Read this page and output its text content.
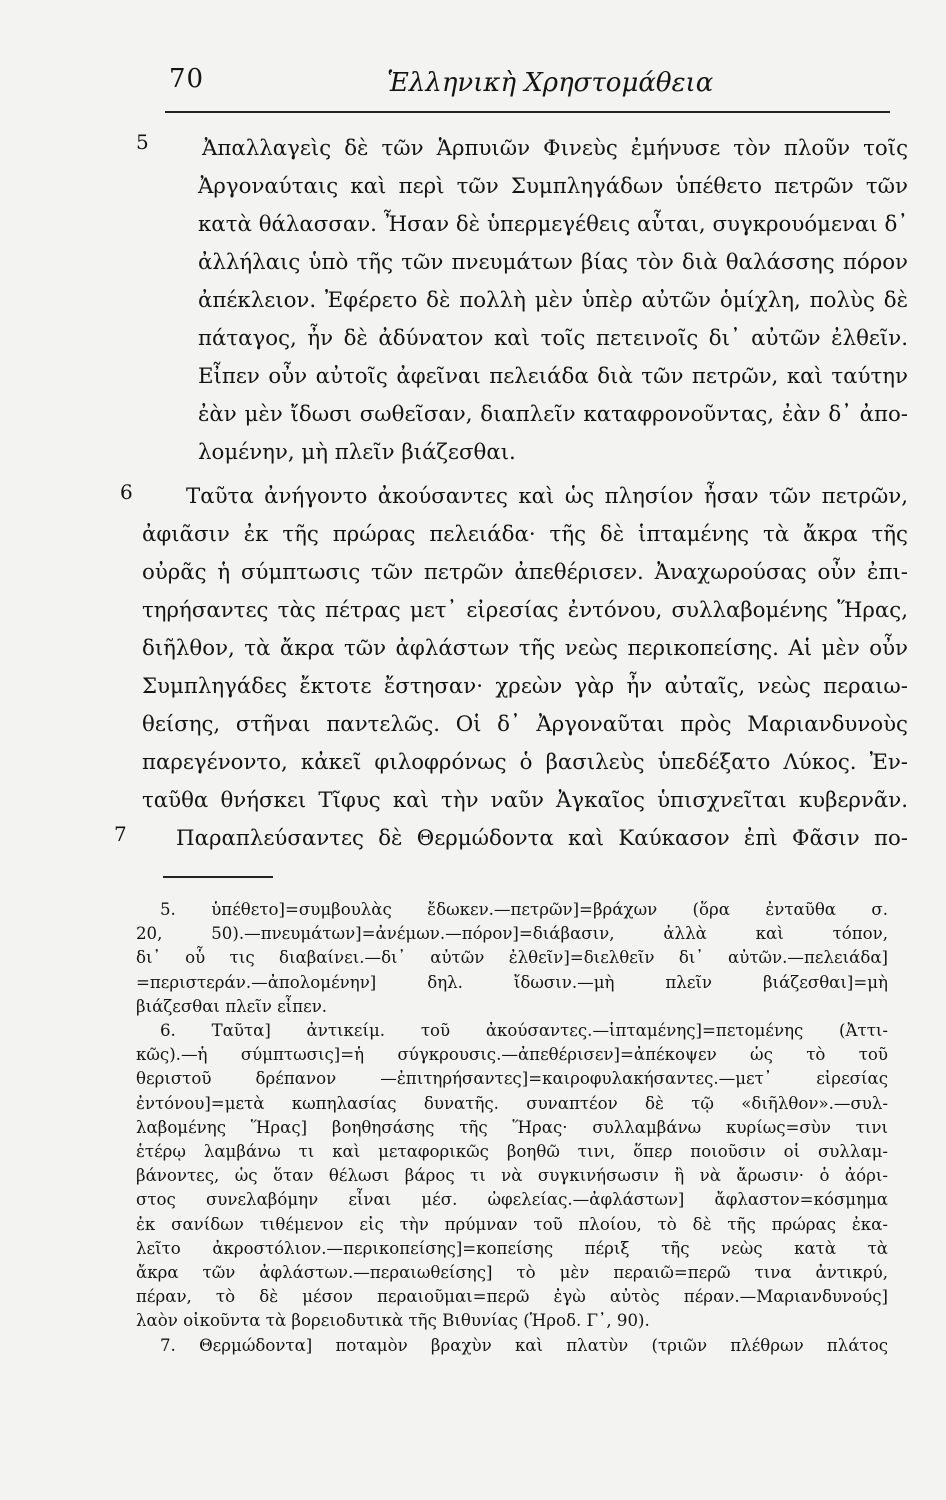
70	Ἑλληνικὴ Χρηστομάθεια
5	Ἀπαλλαγεὶς δὲ τῶν Ἁρπυιῶν Φινεὺς ἐμήνυσε τὸν πλοῦν τοῖς
Ἀργοναύταις καὶ περὶ τῶν Συμπληγάδων ὑπέθετο πετρῶν τῶν
κατὰ θάλασσαν. Ἦσαν δὲ ὑπερμεγέθεις αὗται, συγκρουόμεναι δ᾽
ἀλλήλαις ὑπὸ τῆς τῶν πνευμάτων βίας τὸν διὰ θαλάσσης πόρον
ἀπέκλειον. Ἐφέρετο δὲ πολλὴ μὲν ὑπὲρ αὐτῶν ὁμίχλη, πολὺς δὲ
πάταγος, ἦν δὲ ἀδύνατον καὶ τοῖς πετεινοῖς δι᾽ αὐτῶν ἐλθεῖν.
Εἶπεν οὖν αὐτοῖς ἀφεῖναι πελειάδα διὰ τῶν πετρῶν, καὶ ταύτην
ἐὰν μὲν ἴδωσι σωθεῖσαν, διαπλεῖν καταφρονοῦντας, ἐὰν δ᾽ ἀπο-
λομένην, μὴ πλεῖν βιάζεσθαι.
6	Ταῦτα ἀνήγοντο ἀκούσαντες καὶ ὡς πλησίον ἦσαν τῶν πετρῶν,
ἀφιᾶσιν ἐκ τῆς πρώρας πελειάδα· τῆς δὲ ἱπταμένης τὰ ἄκρα τῆς
οὐρᾶς ἡ σύμπτωσις τῶν πετρῶν ἀπεθέρισεν. Ἀναχωρούσας οὖν ἐπι-
τηρήσαντες τὰς πέτρας μετ᾽ εἰρεσίας ἐντόνου, συλλαβομένης Ἥρας,
διῆλθον, τὰ ἄκρα τῶν ἀφλάστων τῆς νεὼς περικοπείσης. Αἱ μὲν οὖν
Συμπληγάδες ἔκτοτε ἔστησαν· χρεὼν γὰρ ἦν αὐταῖς, νεὼς περαιω-
θείσης, στῆναι παντελῶς. Οἱ δ᾽ Ἀργοναῦται πρὸς Μαριανδυνοὺς
παρεγένοντο, κἀκεῖ φιλοφρόνως ὁ βασιλεὺς ὑπεδέξατο Λύκος. Ἐν-
ταῦθα θνήσκει Τῖφυς καὶ τὴν ναῦν Ἀγκαῖος ὑπισχνεῖται κυβερνᾶν.
7 Παραπλεύσαντες δὲ Θερμώδοντα καὶ Καύκασον ἐπὶ Φᾶσιν πο-
5. ὑπέθετο]=συμβουλὰς ἔδωκεν.—πετρῶν]=βράχων (ὅρα ἐνταῦθα σ.
20, 50).—πνευμάτων]=ἀνέμων.—πόρον]=διάβασιν, ἀλλὰ καὶ τόπον,
δι᾽ οὗ τις διαβαίνει.—δι᾽ αὐτῶν ἐλθεῖν]=διελθεῖν δι᾽ αὐτῶν.—πελειάδα]
=περιστεράν.—ἀπολομένην] δηλ. ἴδωσιν.—μὴ πλεῖν βιάζεσθαι]=μὴ
βιάζεσθαι πλεῖν εἶπεν.
6. Ταῦτα] ἀντικείμ. τοῦ ἀκούσαντες.—ἱπταμένης]=πετομένης (Ἀττι-
κῶς).—ἡ σύμπτωσις]=ἡ σύγκρουσις.—ἀπεθέρισεν]=ἀπέκοψεν ὡς τὸ τοῦ
θεριστοῦ δρέπανον —ἐπιτηρήσαντες]=καιροφυλακήσαντες.—μετ᾽ εἰρεσίας
ἐντόνου]=μετὰ κωπηλασίας δυνατῆς. συναπτέον δὲ τῷ «διῆλθον».—συλ-
λαβομένης Ἥρας] βοηθησάσης τῆς Ἥρας· συλλαμβάνω κυρίως=σὺν τινι
ἑτέρῳ λαμβάνω τι καὶ μεταφορικῶς βοηθῶ τινι, ὅπερ ποιοῦσιν οἱ συλλαμ-
βάνοντες, ὡς ὅταν θέλωσι βάρος τι νὰ συγκινήσωσιν ἢ νὰ ἄρωσιν· ὁ ἀόρι-
στος συνελαβόμην εἶναι μέσ. ὠφελείας.—ἀφλάστων] ἄφλαστον=κόσμημα
ἐκ σανίδων τιθέμενον εἰς τὴν πρύμναν τοῦ πλοίου, τὸ δὲ τῆς πρώρας ἐκα-
λεῖτο ἀκροστόλιον.—περικοπείσης]=κοπείσης πέριξ τῆς νεὼς κατὰ τὰ
ἄκρα τῶν ἀφλάστων.—περαιωθείσης] τὸ μὲν περαιῶ=περῶ τινα ἀντικρύ,
πέραν, τὸ δὲ μέσον περαιοῦμαι=περῶ ἐγὼ αὐτὸς πέραν.—Μαριανδυνούς]
λαὸν οἰκοῦντα τὰ βορειοδυτικὰ τῆς Βιθυνίας (Ἡροδ. Γ᾽, 90).
7. Θερμώδοντα] ποταμὸν βραχὺν καὶ πλατὺν (τριῶν πλέθρων πλάτος
